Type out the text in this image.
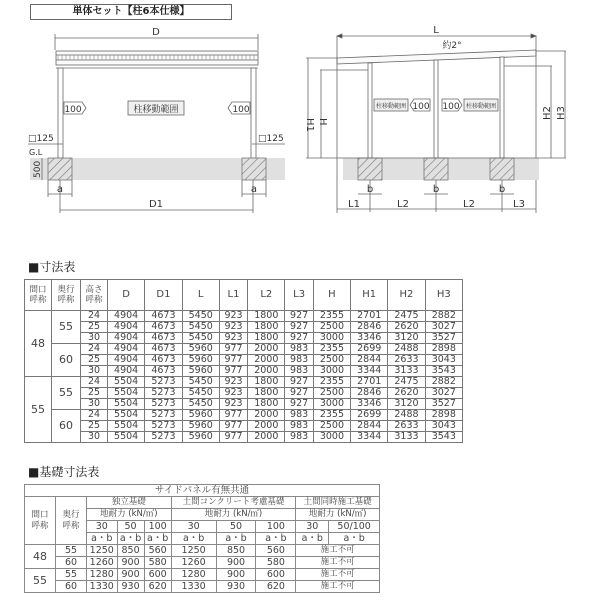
単体セット【柱6本仕様】
D
D1
a	a
□125	□125
G.L
500
柱移動範囲
100	100
L
約2°
H1 H
H2 H3
b	b	b
L1	L2	L2	L3
柱移動範囲	柱移動範囲
100 100
■寸法表
間口
呼称	奥行
呼称	高さ
呼称	D	D1	L	L1	L2	L3	H	H1	H2	H3
48	55	24	4904	4673	5450	923	1800	927	2355	2701	2475	2882
		25	4904	4673	5450	923	1800	927	2500	2846	2620	3027
		30	4904	4673	5450	923	1800	927	3000	3346	3120	3527
	60	24	4904	4673	5960	977	2000	983	2355	2699	2488	2898
		25	4904	4673	5960	977	2000	983	2500	2844	2633	3043
		30	4904	4673	5960	977	2000	983	3000	3344	3133	3543
55	55	24	5504	5273	5450	923	1800	927	2355	2701	2475	2882
		25	5504	5273	5450	923	1800	927	2500	2846	2620	3027
		30	5504	5273	5450	923	1800	927	3000	3346	3120	3527
	60	24	5504	5273	5960	977	2000	983	2355	2699	2488	2898
		25	5504	5273	5960	977	2000	983	2500	2844	2633	3043
		30	5504	5273	5960	977	2000	983	3000	3344	3133	3543
■基礎寸法表
サイドパネル有無共通									
間口
呼称	奥行
呼称	独立基礎			土間コンクリート考慮基礎			土間同時施工基礎	
		地耐力 (kN/㎡)			地耐力 (kN/㎡)			地耐力 (kN/㎡)	
		30	50	100	30	50	100	30	50/100
		a・b	a・b	a・b	a・b	a・b	a・b	a・b	a・b
48	55	1250	850	560	1250	850	560	施工不可	
	60	1260	900	580	1260	900	580	施工不可	
55	55	1280	900	600	1280	900	600	施工不可	
	60	1330	930	620	1330	930	620	施工不可	
